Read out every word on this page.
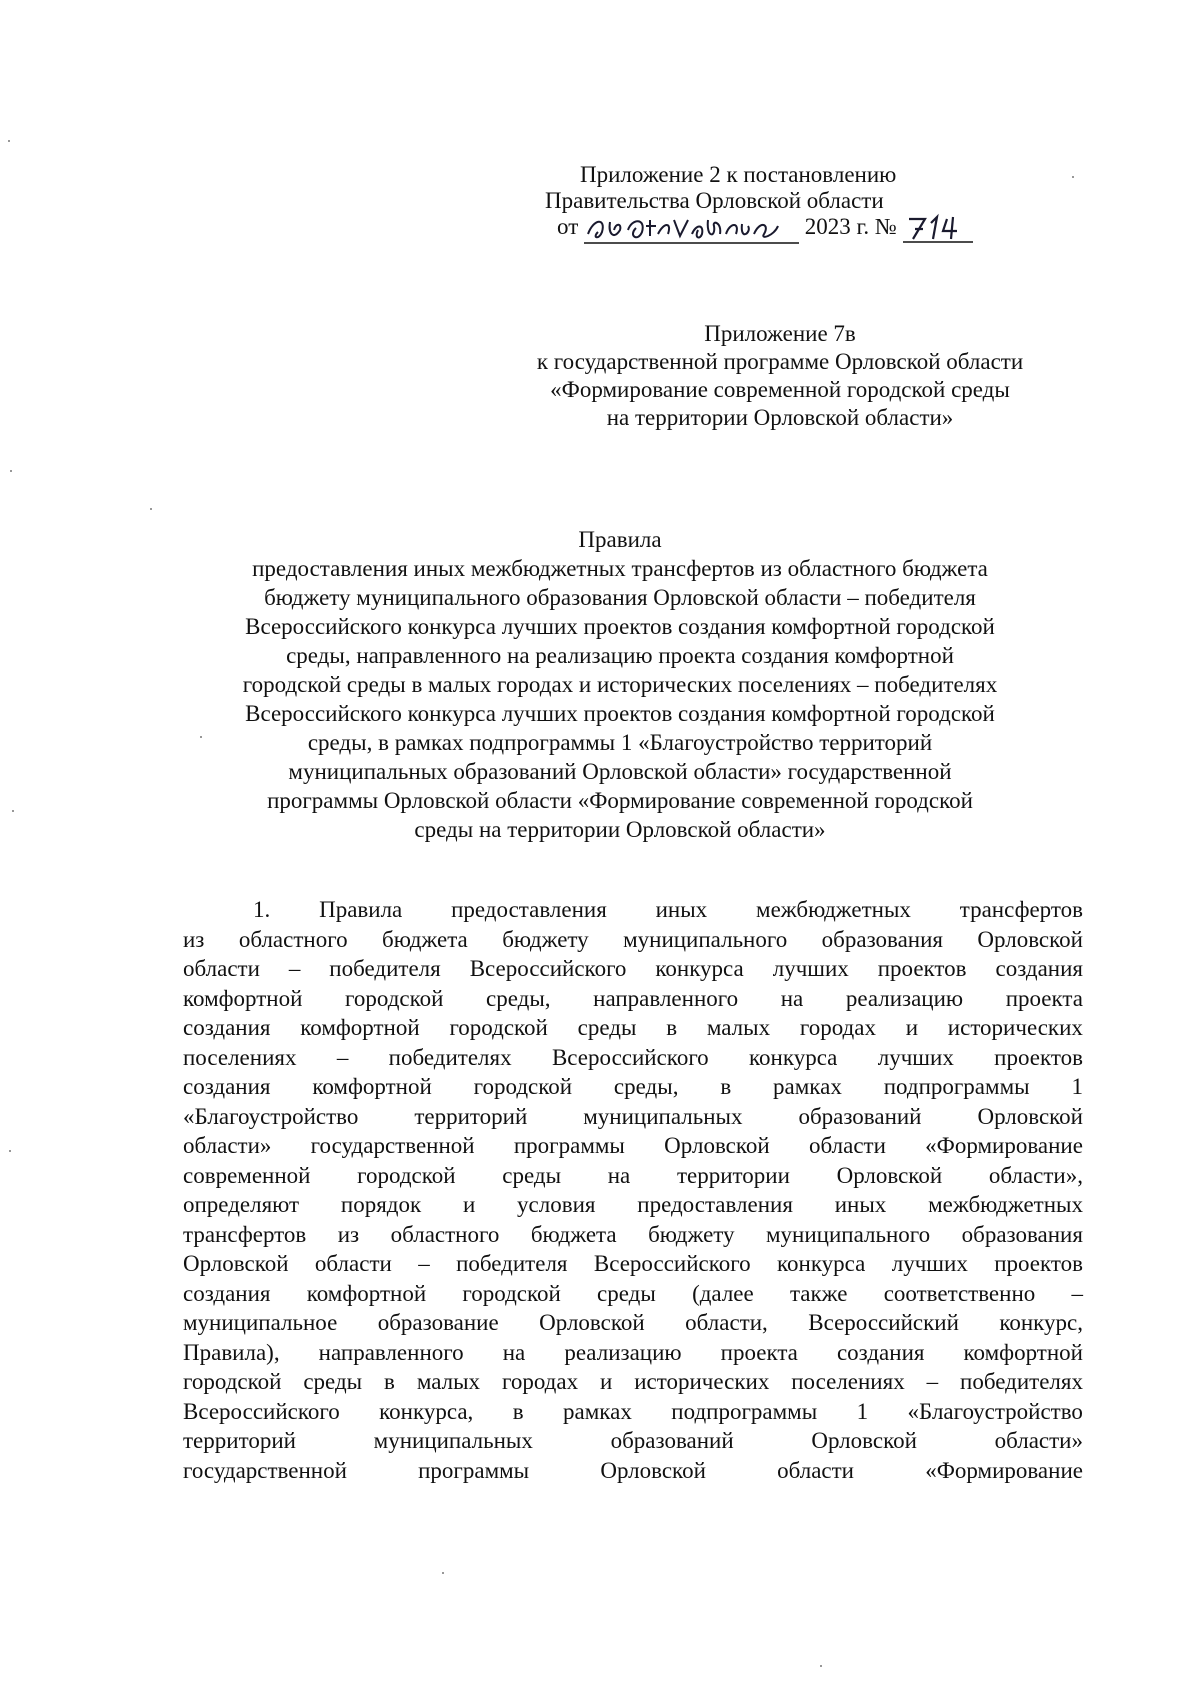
Приложение 2 к постановлению
Правительства Орловской области
от	2023 г. №
Приложение 7в
к государственной программе Орловской области
«Формирование современной городской среды
на территории Орловской области»
Правила
предоставления иных межбюджетных трансфертов из областного бюджета
бюджету муниципального образования Орловской области – победителя
Всероссийского конкурса лучших проектов создания комфортной городской
среды, направленного на реализацию проекта создания комфортной
городской среды в малых городах и исторических поселениях – победителях
Всероссийского конкурса лучших проектов создания комфортной городской
среды, в рамках подпрограммы 1 «Благоустройство территорий
муниципальных образований Орловской области» государственной
программы Орловской области «Формирование современной городской
среды на территории Орловской области»
1. Правила предоставления иных межбюджетных трансфертов
из областного бюджета бюджету муниципального образования Орловской
области – победителя Всероссийского конкурса лучших проектов создания
комфортной городской среды, направленного на реализацию проекта
создания комфортной городской среды в малых городах и исторических
поселениях – победителях Всероссийского конкурса лучших проектов
создания комфортной городской среды, в рамках подпрограммы 1
«Благоустройство территорий муниципальных образований Орловской
области» государственной программы Орловской области «Формирование
современной городской среды на территории Орловской области»,
определяют порядок и условия предоставления иных межбюджетных
трансфертов из областного бюджета бюджету муниципального образования
Орловской области – победителя Всероссийского конкурса лучших проектов
создания комфортной городской среды (далее также соответственно –
муниципальное образование Орловской области, Всероссийский конкурс,
Правила), направленного на реализацию проекта создания комфортной
городской среды в малых городах и исторических поселениях – победителях
Всероссийского конкурса, в рамках подпрограммы 1 «Благоустройство
территорий	муниципальных	образований	Орловской	области»
государственной	программы	Орловской	области	«Формирование
